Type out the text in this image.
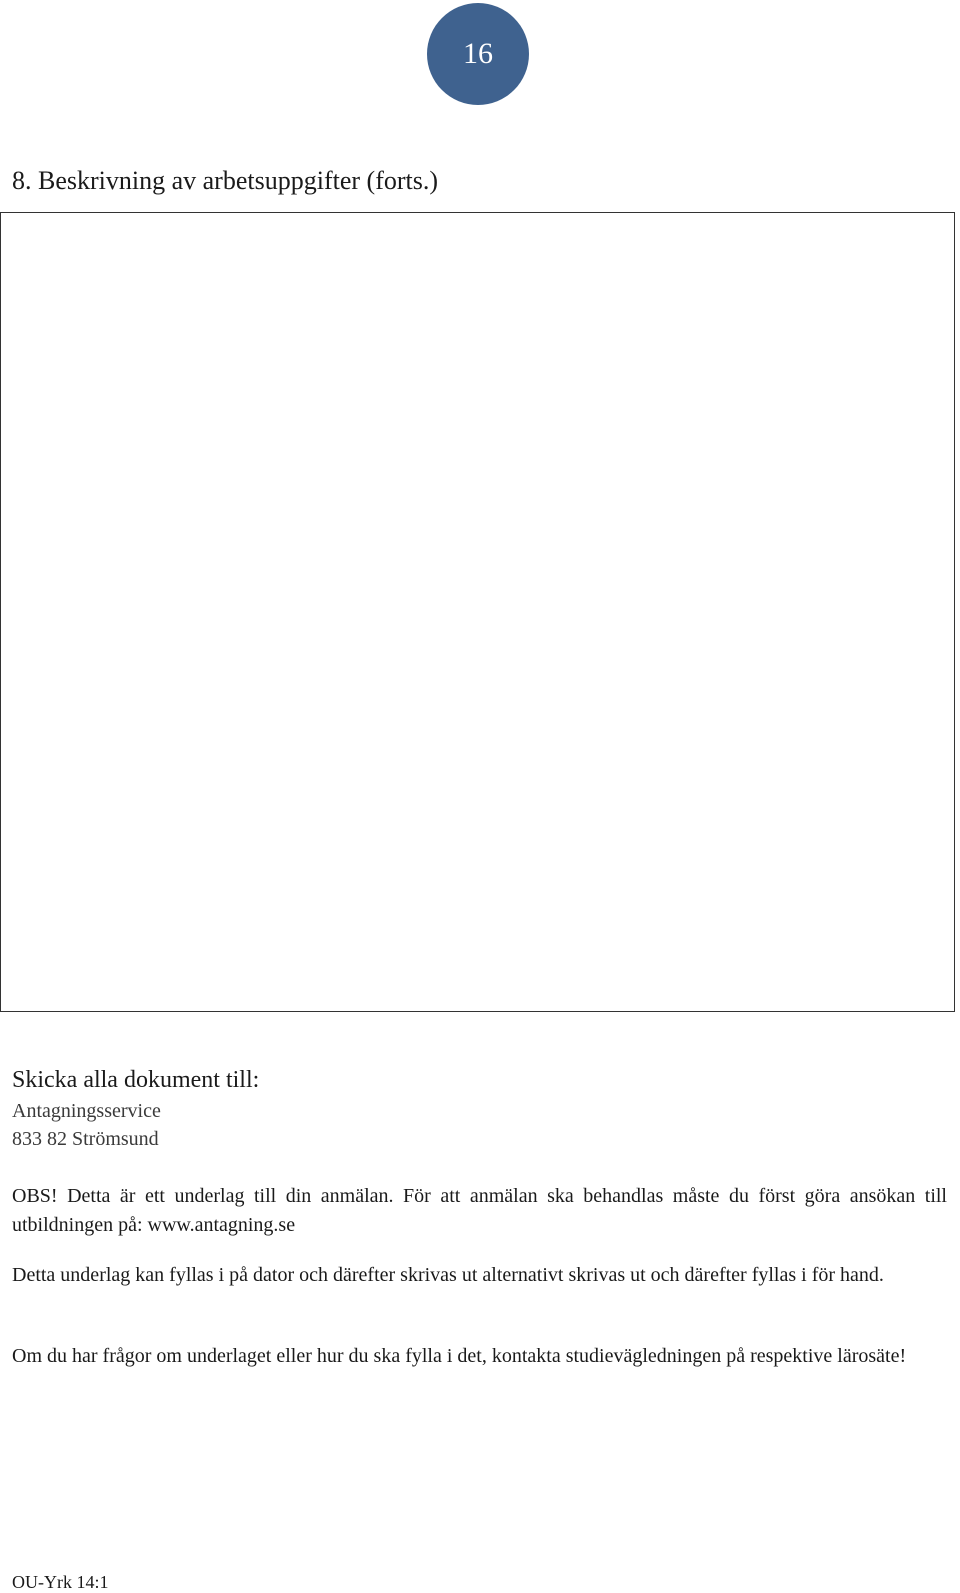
16
8. Beskrivning av arbetsuppgifter (forts.)
Skicka alla dokument till:
Antagningsservice
833 82 Strömsund

OBS! Detta är ett underlag till din anmälan. För att anmälan ska behandlas måste du först göra ansökan till utbildningen på: www.antagning.se

Detta underlag kan fyllas i på dator och därefter skrivas ut alternativt skrivas ut och därefter fyllas i för hand.

Om du har frågor om underlaget eller hur du ska fylla i det, kontakta studievägledningen på respektive lärosäte!

OU-Yrk 14:1
